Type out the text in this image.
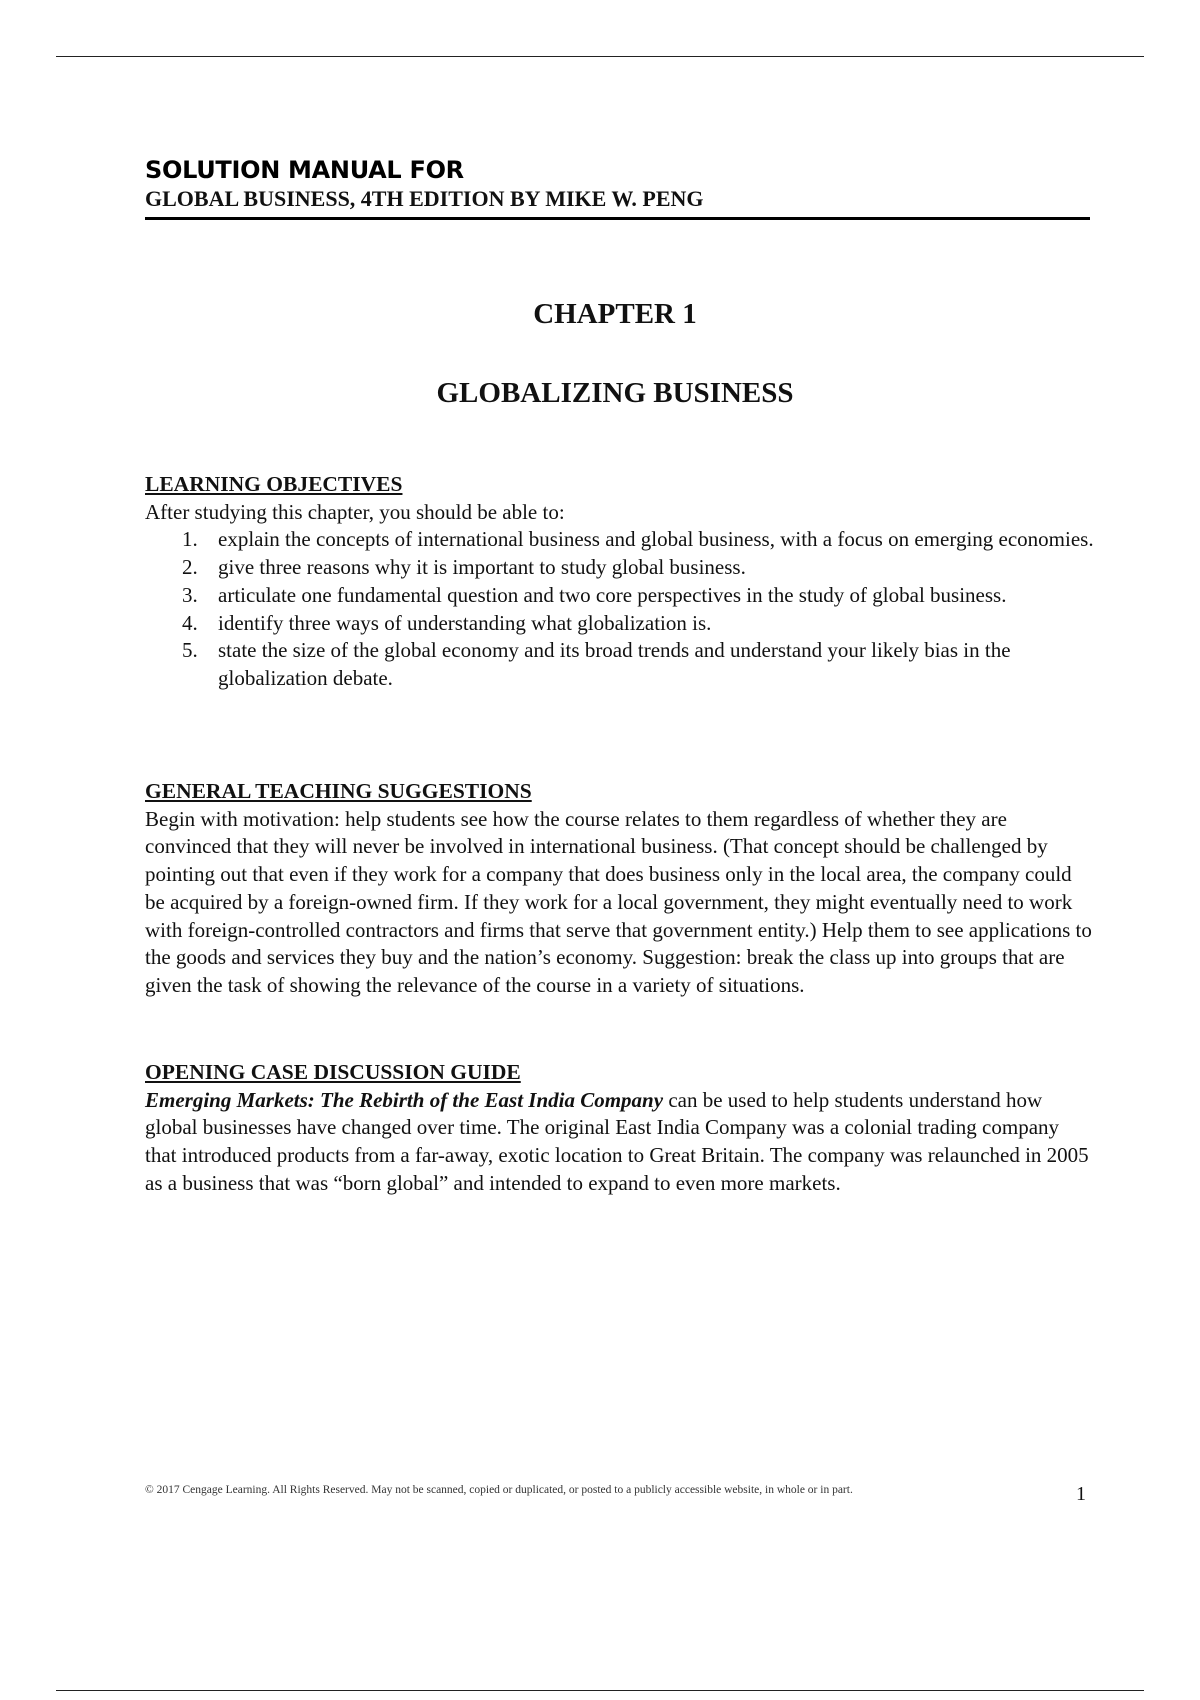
SOLUTION MANUAL FOR
GLOBAL BUSINESS, 4TH EDITION BY MIKE W. PENG
CHAPTER 1
GLOBALIZING BUSINESS
LEARNING OBJECTIVES
After studying this chapter, you should be able to:
1. explain the concepts of international business and global business, with a focus on emerging economies.
2. give three reasons why it is important to study global business.
3. articulate one fundamental question and two core perspectives in the study of global business.
4. identify three ways of understanding what globalization is.
5. state the size of the global economy and its broad trends and understand your likely bias in the globalization debate.
GENERAL TEACHING SUGGESTIONS

Begin with motivation: help students see how the course relates to them regardless of whether they are convinced that they will never be involved in international business. (That concept should be challenged by pointing out that even if they work for a company that does business only in the local area, the company could be acquired by a foreign-owned firm. If they work for a local government, they might eventually need to work with foreign-controlled contractors and firms that serve that government entity.) Help them to see applications to the goods and services they buy and the nation’s economy. Suggestion: break the class up into groups that are given the task of showing the relevance of the course in a variety of situations.

OPENING CASE DISCUSSION GUIDE

Emerging Markets: The Rebirth of the East India Company can be used to help students understand how global businesses have changed over time. The original East India Company was a colonial trading company that introduced products from a far-away, exotic location to Great Britain. The company was relaunched in 2005 as a business that was “born global” and intended to expand to even more markets.

© 2017 Cengage Learning. All Rights Reserved. May not be scanned, copied or duplicated, or posted to a publicly accessible website, in whole or in part.	1
